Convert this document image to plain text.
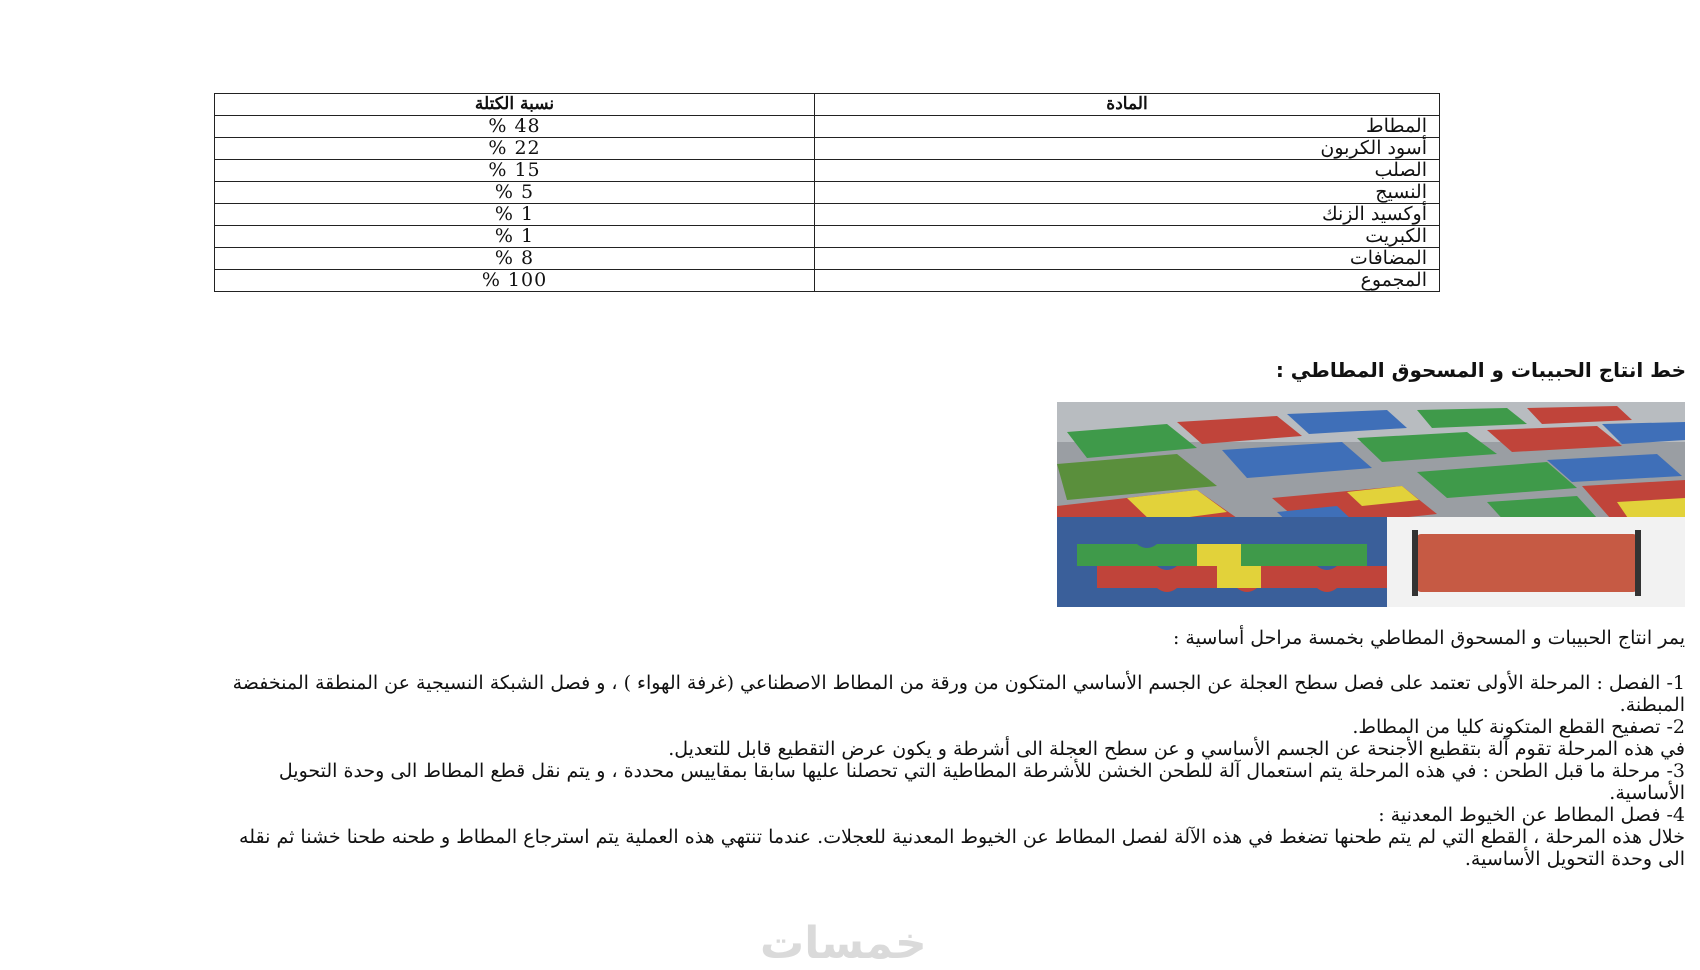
المادة	نسبة الكتلة
المطاط	48 %
أسود الكربون	22 %
الصلب	15 %
النسيج	5 %
أوكسيد الزنك	1 %
الكبريت	1 %
المضافات	8 %
المجموع	100 %
خط انتاج الحبيبات و المسحوق المطاطي :
يمر انتاج الحبيبات و المسحوق المطاطي بخمسة مراحل أساسية :

1- الفصل : المرحلة الأولى تعتمد على فصل سطح العجلة عن الجسم الأساسي المتكون من ورقة من المطاط الاصطناعي (غرفة الهواء ) ، و فصل الشبكة النسيجية عن المنطقة المنخفضة المبطنة.

2- تصفيح القطع المتكونة كليا من المطاط.

في هذه المرحلة تقوم آلة بتقطيع الأجنحة عن الجسم الأساسي و عن سطح العجلة الى أشرطة و يكون عرض التقطيع قابل للتعديل.

3- مرحلة ما قبل الطحن : في هذه المرحلة يتم استعمال آلة للطحن الخشن للأشرطة المطاطية التي تحصلنا عليها سابقا بمقاييس محددة ، و يتم نقل قطع المطاط الى وحدة التحويل الأساسية.

4- فصل المطاط عن الخيوط المعدنية :

خلال هذه المرحلة ، القطع التي لم يتم طحنها تضغط في هذه الآلة لفصل المطاط عن الخيوط المعدنية للعجلات. عندما تنتهي هذه العملية يتم استرجاع المطاط و طحنه طحنا خشنا ثم نقله الى وحدة التحويل الأساسية.

خمسات
